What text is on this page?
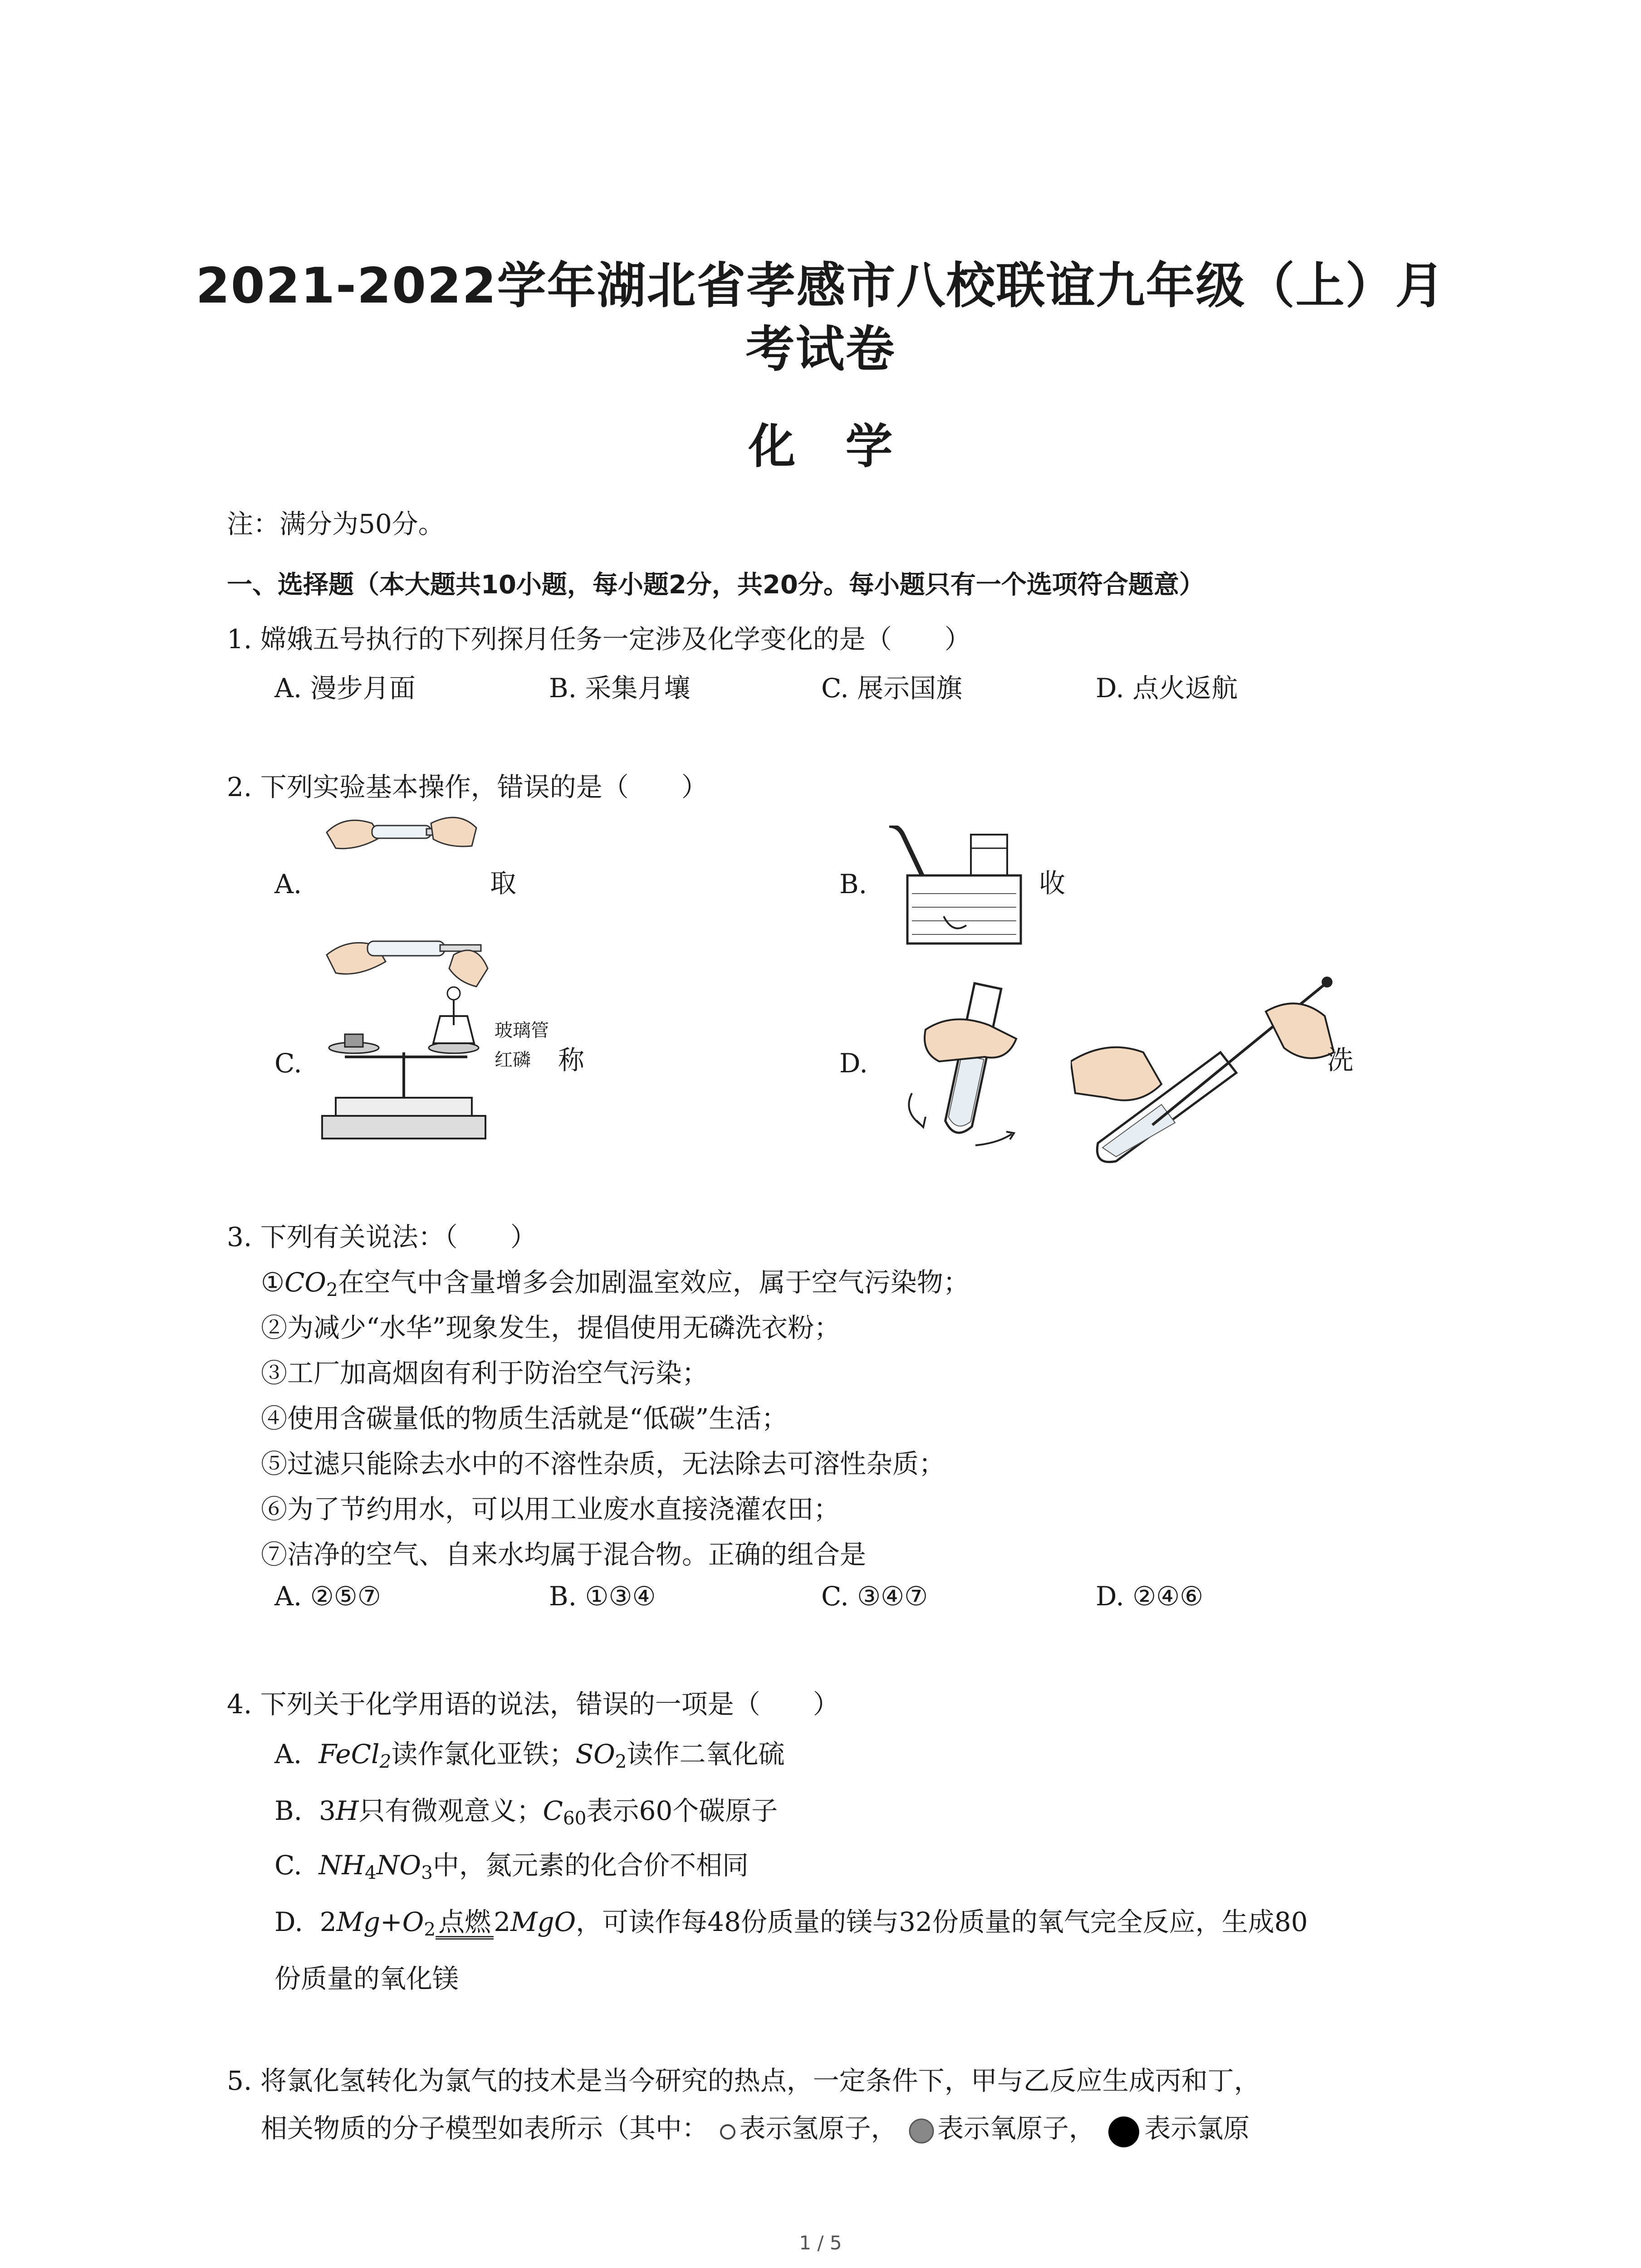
2021-2022学年湖北省孝感市八校联谊九年级（上）月
考试卷
化学
注：满分为50分。
一、选择题（本大题共10小题，每小题2分，共20分。每小题只有一个选项符合题意）
1. 嫦娥五号执行的下列探月任务一定涉及化学变化的是（　　）
A. 漫步月面	B. 采集月壤	C. 展示国旗	D. 点火返航
2. 下列实验基本操作，错误的是（　　）
A.	取	B.	收
C.
玻璃管
红磷 称	D.	洗
3. 下列有关说法：（　　）
$①CO_2$在空气中含量增多会加剧温室效应，属于空气污染物；
②为减少“水华”现象发生，提倡使用无磷洗衣粉；
③工厂加高烟囱有利于防治空气污染；
④使用含碳量低的物质生活就是“低碳”生活；
⑤过滤只能除去水中的不溶性杂质，无法除去可溶性杂质；
⑥为了节约用水，可以用工业废水直接浇灌农田；
⑦洁净的空气、自来水均属于混合物。正确的组合是
A. ②⑤⑦	B. ①③④	C. ③④⑦	D. ②④⑥
4. 下列关于化学用语的说法，错误的一项是（　　）
A. FeCl$_2$读作氯化亚铁；$SO_2$读作二氧化硫
B. 3H只有微观意义；$C_{60}$表示60个碳原子
C. $NH_4NO_3$中，氮元素的化合价不相同
D. $2Mg+O_2$ 点燃 2MgO，可读作每48份质量的镁与32份质量的氧气完全反应，生成80
份质量的氧化镁
5. 将氯化氢转化为氯气的技术是当今研究的热点，一定条件下，甲与乙反应生成丙和丁，
相关物质的分子模型如表所示（其中： 表示氢原子， 表示氧原子， 表示氯原
1 / 5
